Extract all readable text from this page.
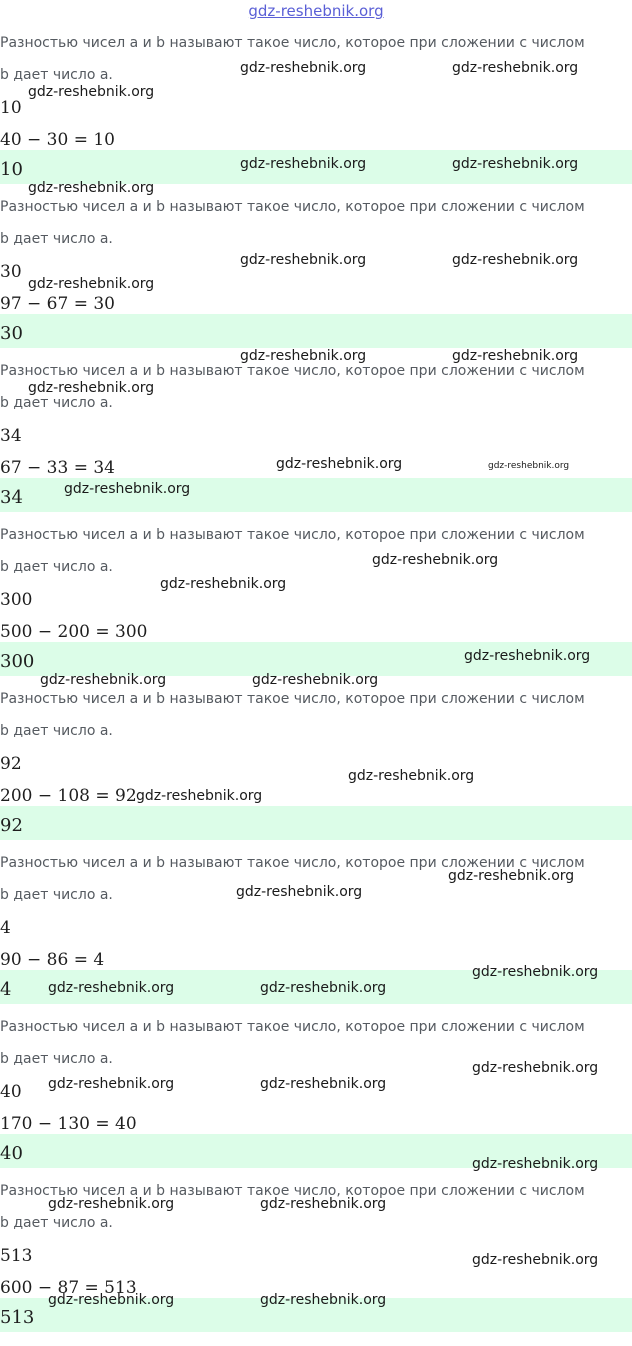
gdz-reshebnik.org
Разностью чисел a и b называют такое число, которое при сложении с числом
b дает число a.
10
40 − 30 = 10
10
Разностью чисел a и b называют такое число, которое при сложении с числом
b дает число a.
30
97 − 67 = 30
30
Разностью чисел a и b называют такое число, которое при сложении с числом
b дает число a.
34
67 − 33 = 34
34
Разностью чисел a и b называют такое число, которое при сложении с числом
b дает число a.
300
500 − 200 = 300
300
Разностью чисел a и b называют такое число, которое при сложении с числом
b дает число a.
92
200 − 108 = 92
92
Разностью чисел a и b называют такое число, которое при сложении с числом
b дает число a.
4
90 − 86 = 4
4
Разностью чисел a и b называют такое число, которое при сложении с числом
b дает число a.
40
170 − 130 = 40
40
Разностью чисел a и b называют такое число, которое при сложении с числом
b дает число a.
513
600 − 87 = 513
513
gdz-reshebnik.org	gdz-reshebnik.org
gdz-reshebnik.org
gdz-reshebnik.org	gdz-reshebnik.org
gdz-reshebnik.org
gdz-reshebnik.org	gdz-reshebnik.org
gdz-reshebnik.org
gdz-reshebnik.org	gdz-reshebnik.org
gdz-reshebnik.org
gdz-reshebnik.org	gdz-reshebnik.org
gdz-reshebnik.org
gdz-reshebnik.org
gdz-reshebnik.org
gdz-reshebnik.org
gdz-reshebnik.org	gdz-reshebnik.org
gdz-reshebnik.org
gdz-reshebnik.org
gdz-reshebnik.org
gdz-reshebnik.org
gdz-reshebnik.org
gdz-reshebnik.org	gdz-reshebnik.org
gdz-reshebnik.org
gdz-reshebnik.org	gdz-reshebnik.org
gdz-reshebnik.org
gdz-reshebnik.org	gdz-reshebnik.org
gdz-reshebnik.org
gdz-reshebnik.org	gdz-reshebnik.org
